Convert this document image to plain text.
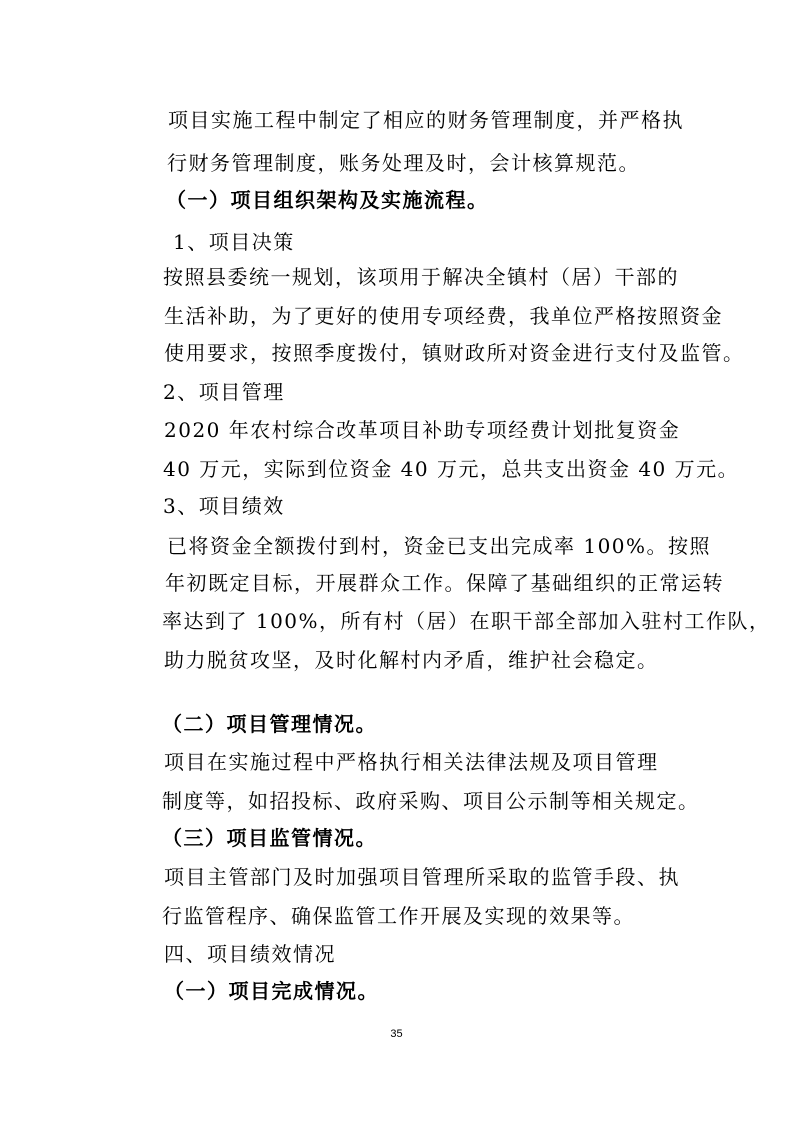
项目实施工程中制定了相应的财务管理制度，并严格执
行财务管理制度，账务处理及时，会计核算规范。
（一）项目组织架构及实施流程。
1、项目决策
按照县委统一规划，该项用于解决全镇村（居）干部的
生活补助，为了更好的使用专项经费，我单位严格按照资金
使用要求，按照季度拨付，镇财政所对资金进行支付及监管。
2、项目管理
2020 年农村综合改革项目补助专项经费计划批复资金
40 万元，实际到位资金 40 万元，总共支出资金 40 万元。
3、项目绩效
已将资金全额拨付到村，资金已支出完成率 100%。按照
年初既定目标，开展群众工作。保障了基础组织的正常运转
率达到了 100%，所有村（居）在职干部全部加入驻村工作队，
助力脱贫攻坚，及时化解村内矛盾，维护社会稳定。
（二）项目管理情况。
项目在实施过程中严格执行相关法律法规及项目管理
制度等，如招投标、政府采购、项目公示制等相关规定。
（三）项目监管情况。
项目主管部门及时加强项目管理所采取的监管手段、执
行监管程序、确保监管工作开展及实现的效果等。
四、项目绩效情况
（一）项目完成情况。
35
